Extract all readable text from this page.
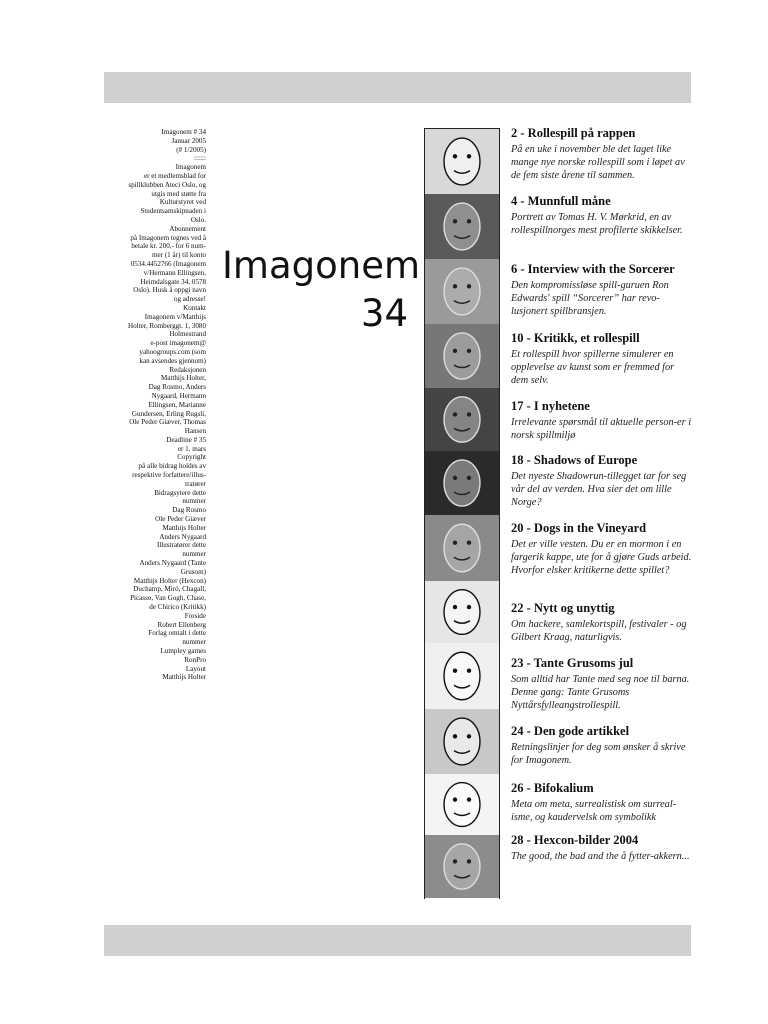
Imagonem # 34
Januar 2005
(# 1/2005)
::::::
Imagonem
er et medlemsblad for
spillklubben Ateci Oslo, og
utgis med støtte fra
Kulturstyret ved
Studentsamskipnaden i
Oslo.
Abonnement
på Imagonem tegnes ved å
betale kr. 200,- for 6 num-
mer (1 år) til konto
0534.4452766 (Imagonem
v/Hermann Ellingsen,
Heimdalsgate 34, 0578
Oslo). Husk å oppgi navn
og adresse!
Kontakt
Imagonem v/Matthijs
Holter, Romberggt. 1, 3080
Holmestrand
e-post imagonem@
yahoogroups.com (som
kan avsendes gjennom)
Redaksjonen
Matthijs Holter,
Dag Rosmo, Anders
Nygaard, Hermann
Ellingsen, Marianne
Gundersen, Erling Rugsli,
Ole Peder Giæver, Thomas
Hansen
Deadline # 35
er 1. mars
Copyright
på alle bidrag holdes av
respektive forfattere/illus-
tratører
Bidragsytere dette
nummer
Dag Rosmo
Ole Peder Giæver
Matthijs Holter
Anders Nygaard
Illustratører dette
nummer
Anders Nygaard (Tante
Grusom)
Matthijs Holter (Hexcon)
Duchamp, Miró, Chagall,
Picasso, Van Gogh, Chase,
de Chirico (Kritikk)
Forside
Robert Ellenberg
Forlag omtalt i dette
nummer
Lumpley games
RonPro
Layout
Matthijs Holter
Imagonem
34
2 - Rollespill på rappen
På en uke i november ble det laget like mange nye norske rollespill som i løpet av de fem siste årene til sammen.
4 - Munnfull måne
Portrett av Tomas H. V. Mørkrid, en av rollespillnorges mest profilerte skikkelser.
6 - Interview with the Sorcerer
Den kompromissløse spill-guruen Ron Edwards' spill “Sorcerer” har revo-lusjonert spillbransjen.
10 - Kritikk, et rollespill
Et rollespill hvor spillerne simulerer en opplevelse av kunst som er fremmed for dem selv.
17 - I nyhetene
Irrelevante spørsmål til aktuelle person-er i norsk spillmiljø
18 - Shadows of Europe
Det nyeste Shadowrun-tillegget tar for seg vår del av verden. Hva sier det om lille Norge?
20 - Dogs in the Vineyard
Det er ville vesten. Du er en mormon i en fargerik kappe, ute for å gjøre Guds arbeid. Hvorfor elsker kritikerne dette spillet?
22 - Nytt og unyttig
Om hackere, samlekortspill, festivaler - og Gilbert Kraag, naturligvis.
23 - Tante Grusoms jul
Som alltid har Tante med seg noe til barna. Denne gang: Tante Grusoms Nyttårsfylleangstrollespill.
24 - Den gode artikkel
Retningslinjer for deg som ønsker å skrive for Imagonem.
26 - Bifokalium
Meta om meta, surrealistisk om surreal-isme, og kaudervelsk om symbolikk
28 - Hexcon-bilder 2004
The good, the bad and the å fytter-akkern...
